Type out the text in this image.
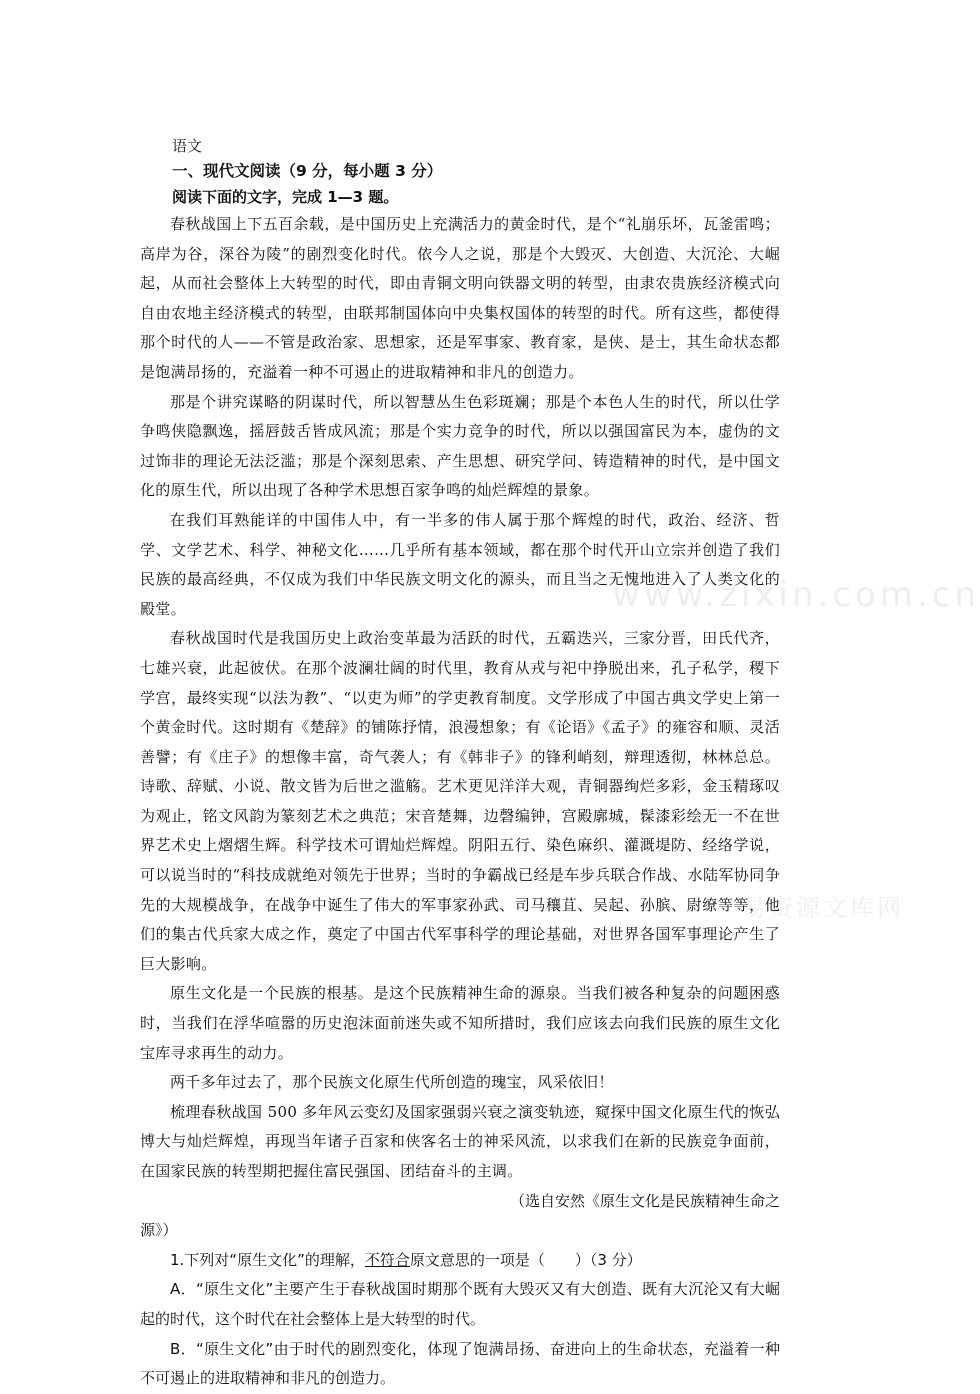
www.zixin.com.cn
易资源文库网
语文
一、现代文阅读（9 分，每小题 3 分）
阅读下面的文字，完成 1—3 题。

春秋战国上下五百余载，是中国历史上充满活力的黄金时代，是个“礼崩乐坏，瓦釜雷鸣；高岸为谷，深谷为陵”的剧烈变化时代。依今人之说，那是个大毁灭、大创造、大沉沦、大崛起，从而社会整体上大转型的时代，即由青铜文明向铁器文明的转型，由隶农贵族经济模式向自由农地主经济模式的转型，由联邦制国体向中央集权国体的转型的时代。所有这些，都使得那个时代的人——不管是政治家、思想家，还是军事家、教育家，是侠、是士，其生命状态都是饱满昂扬的，充溢着一种不可遏止的进取精神和非凡的创造力。

那是个讲究谋略的阴谋时代，所以智慧丛生色彩斑斓；那是个本色人生的时代，所以仕学争鸣侠隐飘逸，摇唇鼓舌皆成风流；那是个实力竞争的时代，所以以强国富民为本，虚伪的文过饰非的理论无法泛滥；那是个深刻思索、产生思想、研究学问、铸造精神的时代，是中国文化的原生代，所以出现了各种学术思想百家争鸣的灿烂辉煌的景象。

在我们耳熟能详的中国伟人中，有一半多的伟人属于那个辉煌的时代，政治、经济、哲学、文学艺术、科学、神秘文化……几乎所有基本领域，都在那个时代开山立宗并创造了我们民族的最高经典，不仅成为我们中华民族文明文化的源头，而且当之无愧地进入了人类文化的殿堂。

春秋战国时代是我国历史上政治变革最为活跃的时代，五霸迭兴，三家分晋，田氏代齐，七雄兴衰，此起彼伏。在那个波澜壮阔的时代里，教育从戎与祀中挣脱出来，孔子私学，稷下学宫，最终实现“以法为教”、“以吏为师”的学吏教育制度。文学形成了中国古典文学史上第一个黄金时代。这时期有《楚辞》的铺陈抒情，浪漫想象；有《论语》《孟子》的雍容和顺、灵活善譬；有《庄子》的想像丰富，奇气袭人；有《韩非子》的锋利峭刻，辩理透彻，林林总总。诗歌、辞赋、小说、散文皆为后世之滥觞。艺术更见洋洋大观，青铜器绚烂多彩，金玉精琢叹为观止，铭文风韵为篆刻艺术之典范；宋音楚舞，边磬编钟，宫殿廓城，髹漆彩绘无一不在世界艺术史上熠熠生辉。科学技术可谓灿烂辉煌。阴阳五行、染色麻织、灌溉堤防、经络学说，可以说当时的“科技成就绝对领先于世界；当时的争霸战已经是车步兵联合作战、水陆军协同争先的大规模战争，在战争中诞生了伟大的军事家孙武、司马穰苴、吴起、孙膑、尉缭等等，他们的集古代兵家大成之作，奠定了中国古代军事科学的理论基础，对世界各国军事理论产生了巨大影响。

原生文化是一个民族的根基。是这个民族精神生命的源泉。当我们被各种复杂的问题困惑时，当我们在浮华喧嚣的历史泡沫面前迷失或不知所措时，我们应该去向我们民族的原生文化宝库寻求再生的动力。

两千多年过去了，那个民族文化原生代所创造的瑰宝，风采依旧！

梳理春秋战国 500 多年风云变幻及国家强弱兴衰之演变轨迹，窥探中国文化原生代的恢弘博大与灿烂辉煌，再现当年诸子百家和侠客名士的神采风流，以求我们在新的民族竞争面前，在国家民族的转型期把握住富民强国、团结奋斗的主调。

（选自安然《原生文化是民族精神生命之

源》）

1.下列对“原生文化”的理解，不符合原文意思的一项是（　　）（3 分）

A．“原生文化”主要产生于春秋战国时期那个既有大毁灭又有大创造、既有大沉沦又有大崛起的时代，这个时代在社会整体上是大转型的时代。

B．“原生文化”由于时代的剧烈变化，体现了饱满昂扬、奋进向上的生命状态，充溢着一种不可遏止的进取精神和非凡的创造力。
